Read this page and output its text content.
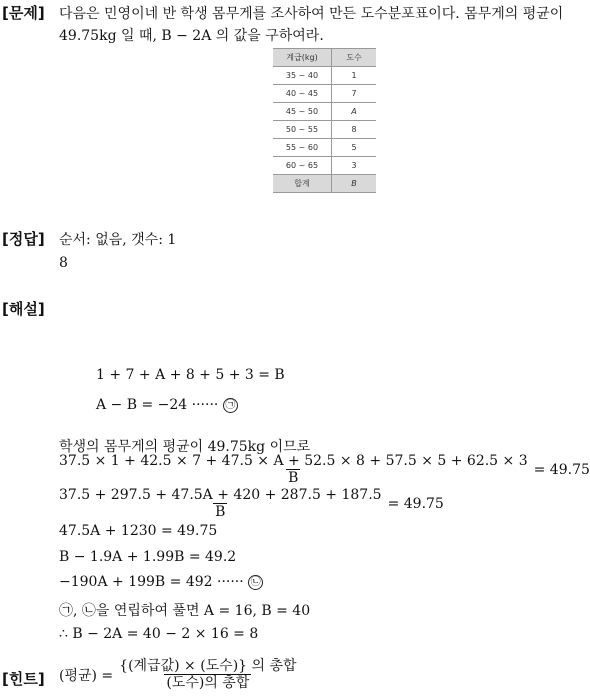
[문제] 다음은 민영이네 반 학생 몸무게를 조사하여 만든 도수분포표이다. 몸무게의 평균이
49.75kg 일 때, B − 2A 의 값을 구하여라.
계급(kg)	도수
35 ~ 40	1
40 ~ 45	7
45 ~ 50	A
50 ~ 55	8
55 ~ 60	5
60 ~ 65	3
합계	B
[정답] 순서: 없음, 갯수: 1
8
[해설]
1 + 7 + A + 8 + 5 + 3 = B
A − B = −24 ······ ㉠
학생의 몸무게의 평균이 49.75kg 이므로
37.5 × 1 + 42.5 × 7 + 47.5 × A + 52.5 × 8 + 57.5 × 5 + 62.5 × 3
B
= 49.75
$\frac{37.5 + 297.5 + 47.5A + 420 + 287.5 + 187.5}{B} = 49.75$
47.5A + 1230 = 49.75
B − 1.9A + 1.99B = 49.2
−190A + 199B = 492 ······ ㉡
㉠, ㉡을 연립하여 풀면 A = 16, B = 40
∴ B − 2A = 40 − 2 × 16 = 8
[힌트] (평균) = $\frac{\text{\{(계급값) × (도수)\} 의 총합}}{\text{(도수)의 총합}}$
